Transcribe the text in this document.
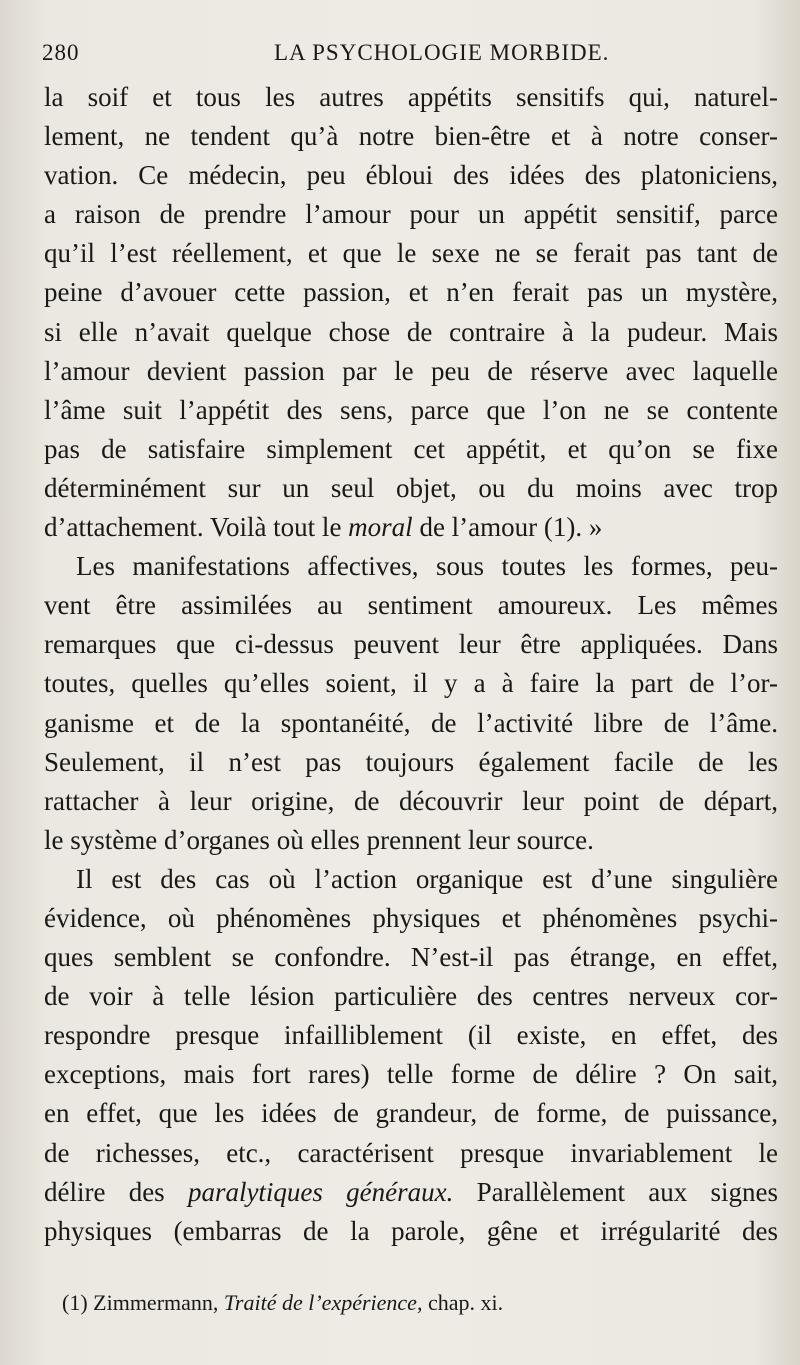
280	LA PSYCHOLOGIE MORBIDE.
la soif et tous les autres appétits sensitifs qui, naturel-
lement, ne tendent qu’à notre bien-être et à notre conser-
vation. Ce médecin, peu ébloui des idées des platoniciens,
a raison de prendre l’amour pour un appétit sensitif, parce
qu’il l’est réellement, et que le sexe ne se ferait pas tant de
peine d’avouer cette passion, et n’en ferait pas un mystère,
si elle n’avait quelque chose de contraire à la pudeur. Mais
l’amour devient passion par le peu de réserve avec laquelle
l’âme suit l’appétit des sens, parce que l’on ne se contente
pas de satisfaire simplement cet appétit, et qu’on se fixe
déterminément sur un seul objet, ou du moins avec trop
d’attachement. Voilà tout le moral de l’amour (1). »
Les manifestations affectives, sous toutes les formes, peu-
vent être assimilées au sentiment amoureux. Les mêmes
remarques que ci-dessus peuvent leur être appliquées. Dans
toutes, quelles qu’elles soient, il y a à faire la part de l’or-
ganisme et de la spontanéité, de l’activité libre de l’âme.
Seulement, il n’est pas toujours également facile de les
rattacher à leur origine, de découvrir leur point de départ,
le système d’organes où elles prennent leur source.
Il est des cas où l’action organique est d’une singulière
évidence, où phénomènes physiques et phénomènes psychi-
ques semblent se confondre. N’est-il pas étrange, en effet,
de voir à telle lésion particulière des centres nerveux cor-
respondre presque infailliblement (il existe, en effet, des
exceptions, mais fort rares) telle forme de délire ? On sait,
en effet, que les idées de grandeur, de forme, de puissance,
de richesses, etc., caractérisent presque invariablement le
délire des paralytiques généraux. Parallèlement aux signes
physiques (embarras de la parole, gêne et irrégularité des
(1) Zimmermann, Traité de l’expérience, chap. xi.
